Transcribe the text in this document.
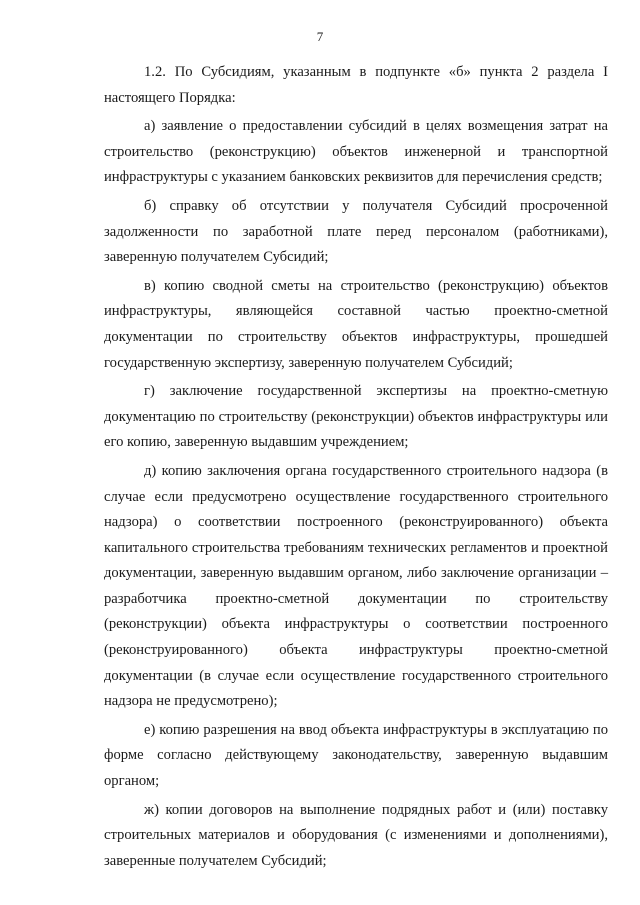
7

1.2. По Субсидиям, указанным в подпункте «б» пункта 2 раздела I настоящего Порядка:

а) заявление о предоставлении субсидий в целях возмещения затрат на строительство (реконструкцию) объектов инженерной и транспортной инфраструктуры с указанием банковских реквизитов для перечисления средств;

б) справку об отсутствии у получателя Субсидий просроченной задолженности по заработной плате перед персоналом (работниками), заверенную получателем Субсидий;

в) копию сводной сметы на строительство (реконструкцию) объектов инфраструктуры, являющейся составной частью проектно-сметной документации по строительству объектов инфраструктуры, прошедшей государственную экспертизу, заверенную получателем Субсидий;

г) заключение государственной экспертизы на проектно-сметную документацию по строительству (реконструкции) объектов инфраструктуры или его копию, заверенную выдавшим учреждением;

д) копию заключения органа государственного строительного надзора (в случае если предусмотрено осуществление государственного строительного надзора) о соответствии построенного (реконструированного) объекта капитального строительства требованиям технических регламентов и проектной документации, заверенную выдавшим органом, либо заключение организации – разработчика проектно-сметной документации по строительству (реконструкции) объекта инфраструктуры о соответствии построенного (реконструированного) объекта инфраструктуры проектно-сметной документации (в случае если осуществление государственного строительного надзора не предусмотрено);

е) копию разрешения на ввод объекта инфраструктуры в эксплуатацию по форме согласно действующему законодательству, заверенную выдавшим органом;

ж) копии договоров на выполнение подрядных работ и (или) поставку строительных материалов и оборудования (с изменениями и дополнениями), заверенные получателем Субсидий;
